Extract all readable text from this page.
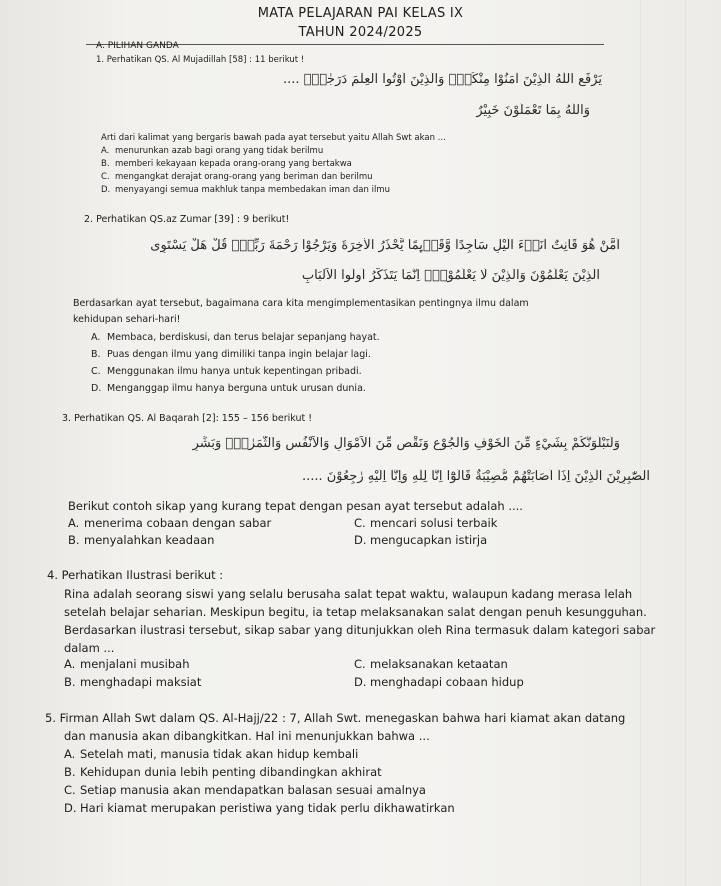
MATA PELAJARAN PAI KELAS IX
TAHUN 2024/2025
A. PILIHAN GANDA
1. Perhatikan QS. Al Mujadillah [58] : 11 berikut !
يَرْفَعِ اللّٰهُ الَّذِيْنَ اٰمَنُوْا مِنْكُمْۙ وَالَّذِيْنَ اُوْتُوا الْعِلْمَ دَرَجٰتٍۗ ....
وَاللّٰهُ بِمَا تَعْمَلُوْنَ خَبِيْرٌ
Arti dari kalimat yang bergaris bawah pada ayat tersebut yaitu Allah Swt akan ...
A. menurunkan azab bagi orang yang tidak berilmu
B. memberi kekayaan kepada orang-orang yang bertakwa
C. mengangkat derajat orang-orang yang beriman dan berilmu
D. menyayangi semua makhluk tanpa membedakan iman dan ilmu
2. Perhatikan QS.az Zumar [39] : 9 berikut!
اَمَّنْ هُوَ قَانِتٌ اٰنَاۤءَ الَّيْلِ سَاجِدًا وَّقَاۤىِٕمًا يَّحْذَرُ الْاٰخِرَةَ وَيَرْجُوْا رَحْمَةَ رَبِّهٖۗ قُلْ هَلْ يَسْتَوِى
الَّذِيْنَ يَعْلَمُوْنَ وَالَّذِيْنَ لَا يَعْلَمُوْنَۗ اِنَّمَا يَتَذَكَّرُ اُولُوا الْاَلْبَابِ
Berdasarkan ayat tersebut, bagaimana cara kita mengimplementasikan pentingnya ilmu dalam
kehidupan sehari-hari!
A. Membaca, berdiskusi, dan terus belajar sepanjang hayat.
B. Puas dengan ilmu yang dimiliki tanpa ingin belajar lagi.
C. Menggunakan ilmu hanya untuk kepentingan pribadi.
D. Menganggap ilmu hanya berguna untuk urusan dunia.
3. Perhatikan QS. Al Baqarah [2]: 155 – 156 berikut !
وَلَنَبْلُوَنَّكُمْ بِشَيْءٍ مِّنَ الْخَوْفِ وَالْجُوْعِ وَنَقْصٍ مِّنَ الْاَمْوَالِ وَالْاَنْفُسِ وَالثَّمَرٰتِۗ وَبَشِّرِ
الصّٰبِرِيْنَ الَّذِيْنَ اِذَآ اَصَابَتْهُمْ مُّصِيْبَةٌ قَالُوْٓا اِنَّا لِلّٰهِ وَاِنَّآ اِلَيْهِ رٰجِعُوْنَ .....
Berikut contoh sikap yang kurang tepat dengan pesan ayat tersebut adalah ....
A. menerima cobaan dengan sabar	C. mencari solusi terbaik
B. menyalahkan keadaan	D. mengucapkan istirja
4. Perhatikan Ilustrasi berikut :
Rina adalah seorang siswi yang selalu berusaha salat tepat waktu, walaupun kadang merasa lelah
setelah belajar seharian. Meskipun begitu, ia tetap melaksanakan salat dengan penuh kesungguhan.
Berdasarkan ilustrasi tersebut, sikap sabar yang ditunjukkan oleh Rina termasuk dalam kategori sabar
dalam ...
A. menjalani musibah	C. melaksanakan ketaatan
B. menghadapi maksiat	D. menghadapi cobaan hidup
5. Firman Allah Swt dalam QS. Al-Hajj/22 : 7, Allah Swt. menegaskan bahwa hari kiamat akan datang
dan manusia akan dibangkitkan. Hal ini menunjukkan bahwa ...
A. Setelah mati, manusia tidak akan hidup kembali
B. Kehidupan dunia lebih penting dibandingkan akhirat
C. Setiap manusia akan mendapatkan balasan sesuai amalnya
D. Hari kiamat merupakan peristiwa yang tidak perlu dikhawatirkan
